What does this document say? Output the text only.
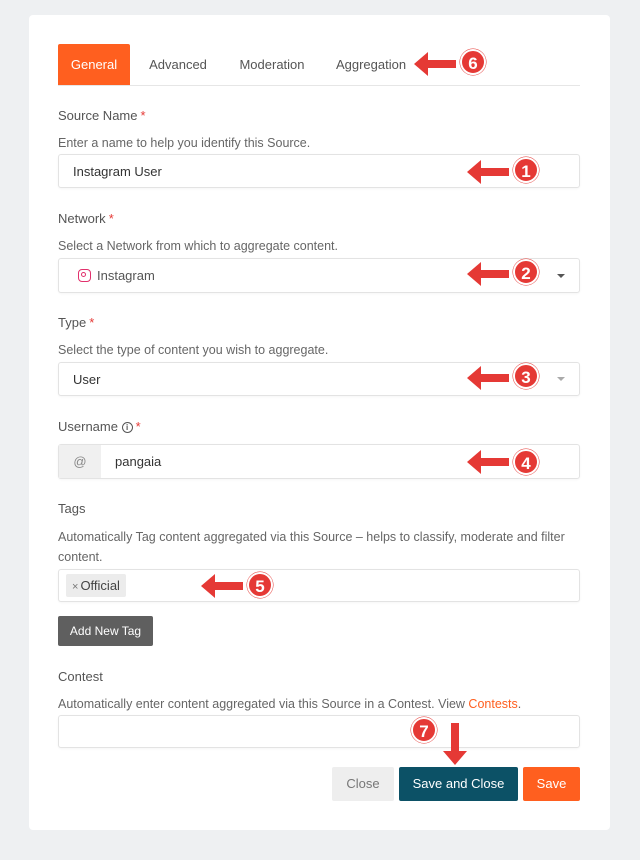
General	Advanced	Moderation	Aggregation
Source Name *
Enter a name to help you identify this Source.
Instagram User
Network *
Select a Network from which to aggregate content.
Instagram
Type *
Select the type of content you wish to aggregate.
User
Username i *
@	pangaia
Tags
Automatically Tag content aggregated via this Source – helps to classify, moderate and filter content.
× Official
Add New Tag
Contest
Automatically enter content aggregated via this Source in a Contest. View Contests.
Close	Save and Close	Save
6
1
2
3
4
5
7
